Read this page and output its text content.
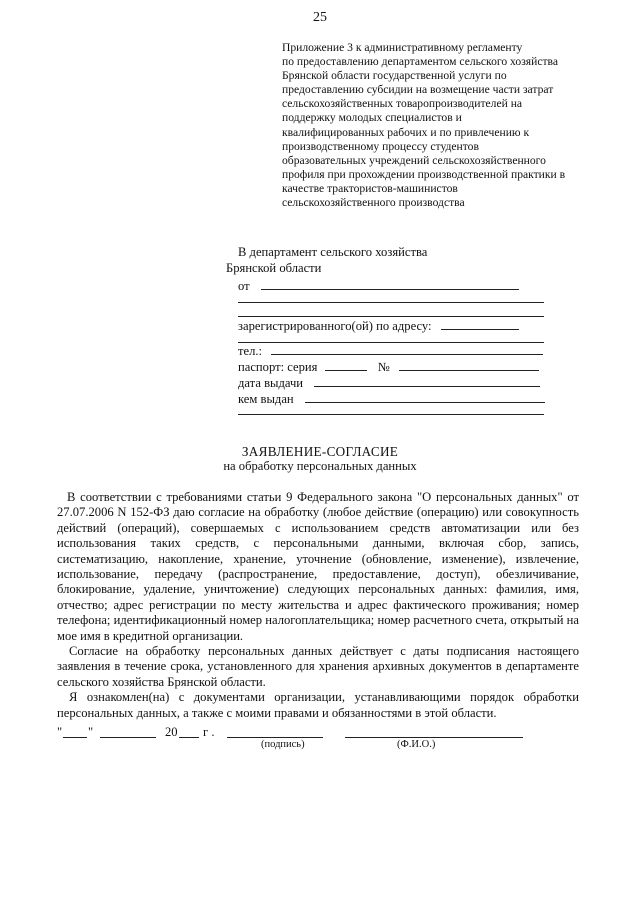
25
Приложение 3 к административному регламенту
по предоставлению департаментом сельского хозяйства
Брянской области государственной услуги по
предоставлению субсидии на возмещение части затрат
сельскохозяйственных товаропроизводителей на
поддержку молодых специалистов и
квалифицированных рабочих и по привлечению к
производственному процессу студентов
образовательных учреждений сельскохозяйственного
профиля при прохождении производственной практики в
качестве трактористов-машинистов
сельскохозяйственного производства
В департамент сельского хозяйства
Брянской области
от
зарегистрированного(ой) по адресу:
тел.:
паспорт: серия	№
дата выдачи
кем выдан
ЗАЯВЛЕНИЕ-СОГЛАСИЕ
на обработку персональных данных
В соответствии с требованиями статьи 9 Федерального закона "О персональных данных" от 27.07.2006 N 152-ФЗ даю согласие на обработку (любое действие (операцию) или совокупность действий (операций), совершаемых с использованием средств автоматизации или без использования таких средств, с персональными данными, включая сбор, запись, систематизацию, накопление, хранение, уточнение (обновление, изменение), извлечение, использование, передачу (распространение, предоставление, доступ), обезличивание, блокирование, удаление, уничтожение) следующих персональных данных: фамилия, имя, отчество; адрес регистрации по месту жительства и адрес фактического проживания; номер телефона; идентификационный номер налогоплательщика; номер расчетного счета, открытый на мое имя в кредитной организации.
Согласие на обработку персональных данных действует с даты подписания настоящего заявления в течение срока, установленного для хранения архивных документов в департаменте сельского хозяйства Брянской области.
Я ознакомлен(на) с документами организации, устанавливающими порядок обработки персональных данных, а также с моими правами и обязанностями в этой области.
" "	20 г .
(подпись)	(Ф.И.О.)
